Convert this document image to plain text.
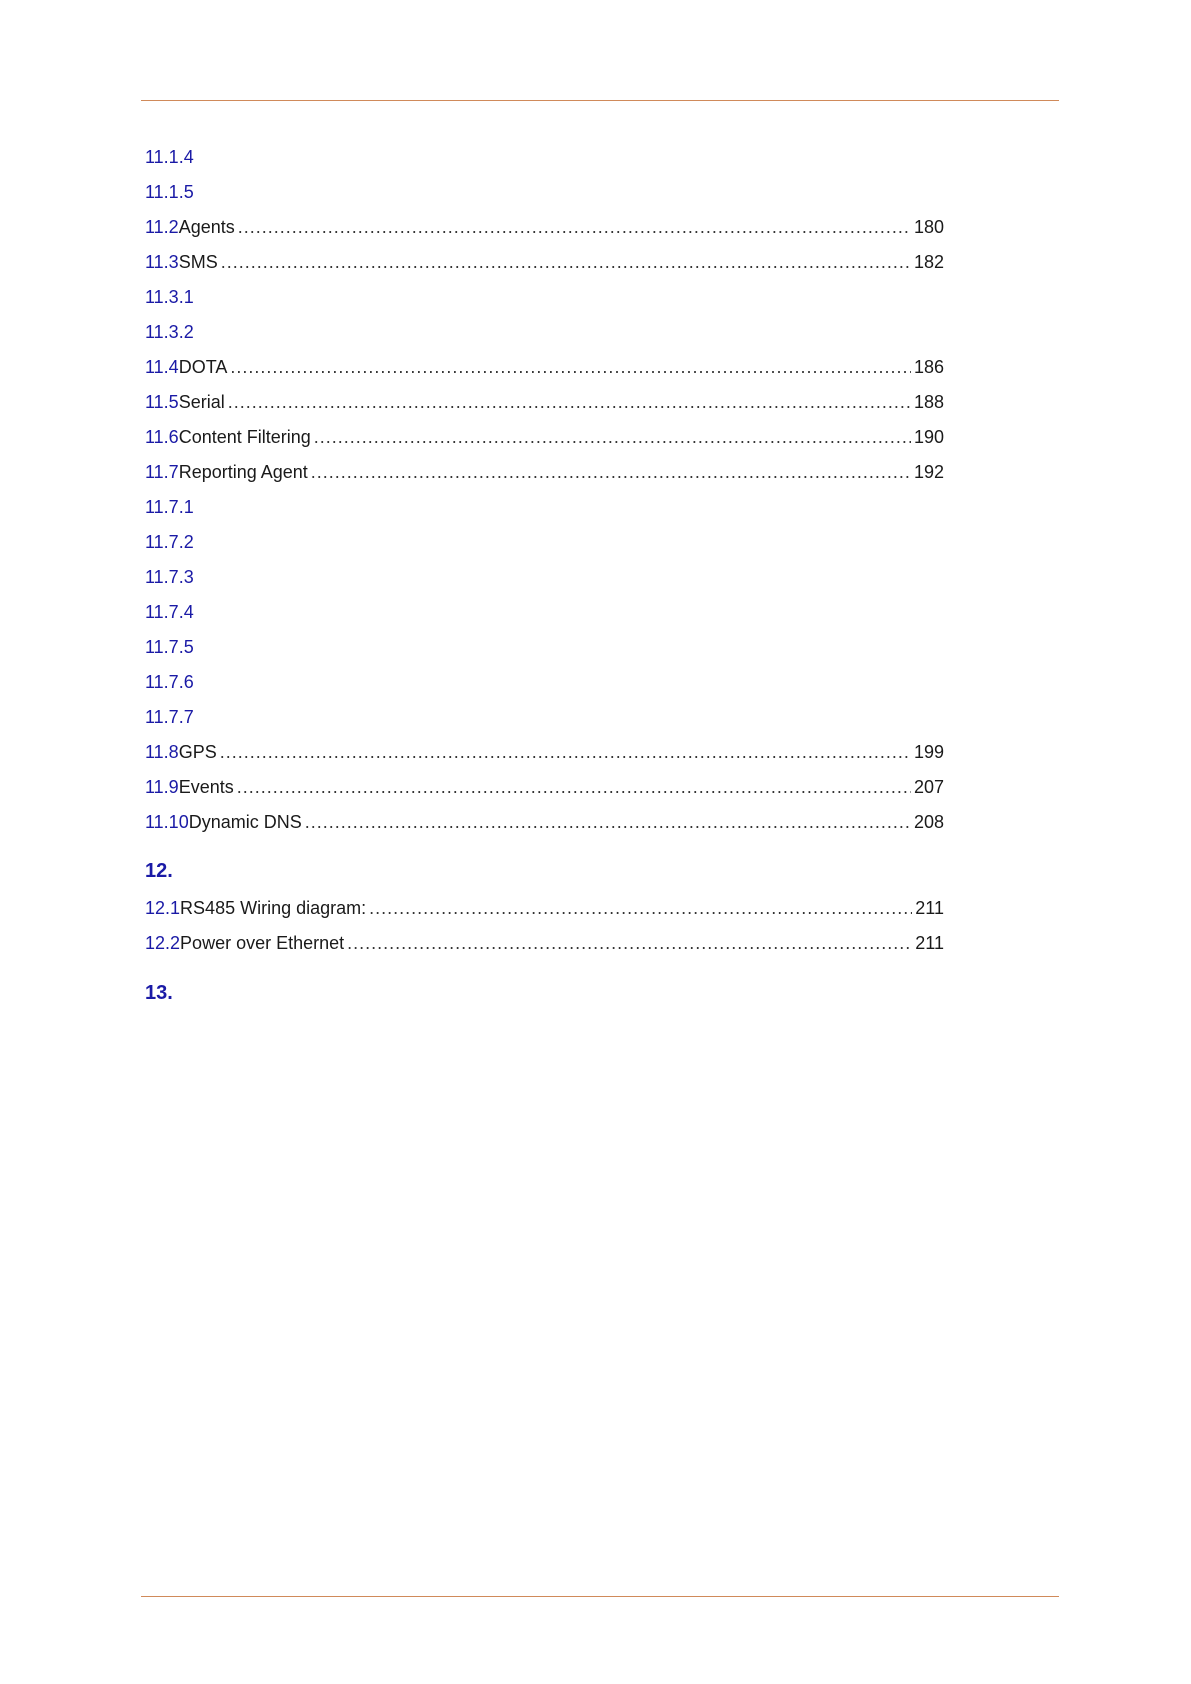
11.1.4
11.1.5
11.2 Agents .....	180
11.3 SMS .....	182
11.3.1
11.3.2
11.4 DOTA .....	186
11.5 Serial .....	188
11.6 Content Filtering .....	190
11.7 Reporting Agent .....	192
11.7.1
11.7.2
11.7.3
11.7.4
11.7.5
11.7.6
11.7.7
11.8 GPS .....	199
11.9 Events .....	207
11.10 Dynamic DNS .....	208
12.
12.1 RS485 Wiring diagram: .....	211
12.2 Power over Ethernet .....	211
13.
